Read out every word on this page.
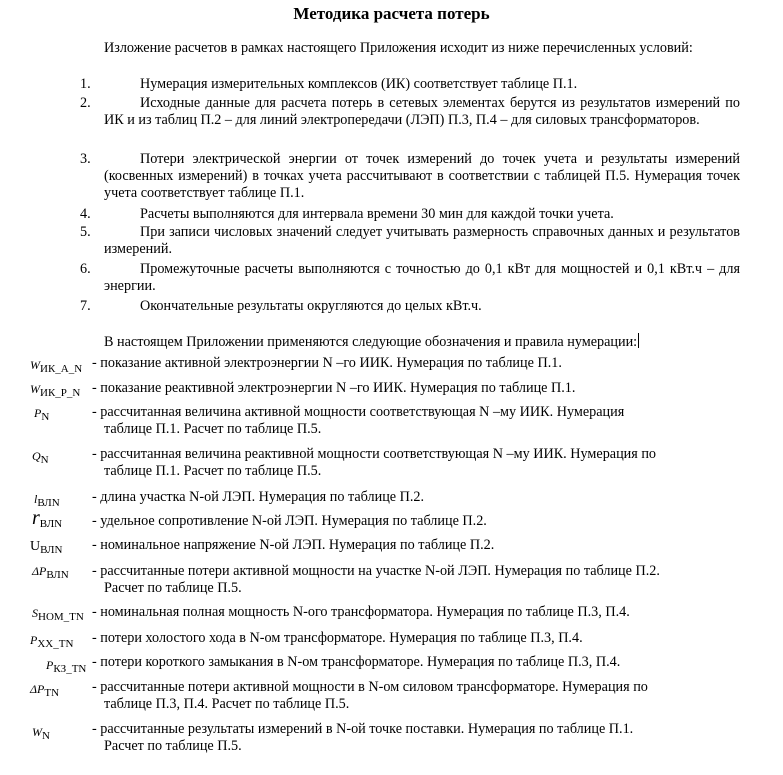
Методика расчета потерь
Изложение расчетов в рамках настоящего Приложения исходит из ниже перечисленных условий:
1.	Нумерация измерительных комплексов (ИК) соответствует таблице П.1.
2.	Исходные данные для расчета потерь в сетевых элементах берутся из результатов измерений по ИК и из таблиц П.2 – для линий электропередачи (ЛЭП) П.3, П.4 – для силовых трансформаторов.
3.	Потери электрической энергии от точек измерений до точек учета и результаты измерений (косвенных измерений) в точках учета рассчитывают в соответствии с таблицей П.5. Нумерация точек учета соответствует таблице П.1.
4.	Расчеты выполняются для интервала времени 30 мин для каждой точки учета.
5.	При записи числовых значений следует учитывать размерность справочных данных и результатов измерений.
6.	Промежуточные расчеты выполняются с точностью до 0,1 кВт для мощностей и 0,1 кВт.ч – для энергии.
7.	Окончательные результаты округляются до целых кВт.ч.
В настоящем Приложении применяются следующие обозначения и правила нумерации:
$W_{ИК\_A\_N}$ - показание активной электроэнергии N –го ИИК. Нумерация по таблице П.1.
$W_{ИК\_P\_N}$ - показание реактивной электроэнергии N –го ИИК. Нумерация по таблице П.1.
$P_N$	- рассчитанная величина активной мощности соответствующая N –му ИИК. Нумерация
таблице П.1. Расчет по таблице П.5.
$Q_N$	- рассчитанная величина реактивной мощности соответствующая N –му ИИК. Нумерация по
таблице П.1. Расчет по таблице П.5.
$l_{ВЛN}$ - длина участка N-ой ЛЭП. Нумерация по таблице П.2.
$r_{ВЛN}$ - удельное сопротивление N-ой ЛЭП. Нумерация по таблице П.2.
$U_{ВЛN}$ - номинальное напряжение N-ой ЛЭП. Нумерация по таблице П.2.
$\Delta P_{ВЛN}$ - рассчитанные потери активной мощности на участке N-ой ЛЭП. Нумерация по таблице П.2.
Расчет по таблице П.5.
$S_{НОМ\_TN}$ - номинальная полная мощность N-ого трансформатора. Нумерация по таблице П.3, П.4.
$P_{XX\_TN}$ - потери холостого хода в N-ом трансформаторе. Нумерация по таблице П.3, П.4.
$P_{КЗ\_TN}$ - потери короткого замыкания в N-ом трансформаторе. Нумерация по таблице П.3, П.4.
$\Delta P_{TN}$ - рассчитанные потери активной мощности в N-ом силовом трансформаторе. Нумерация по
таблице П.3, П.4. Расчет по таблице П.5.
$W_N$	- рассчитанные результаты измерений в N-ой точке поставки. Нумерация по таблице П.1.
Расчет по таблице П.5.
